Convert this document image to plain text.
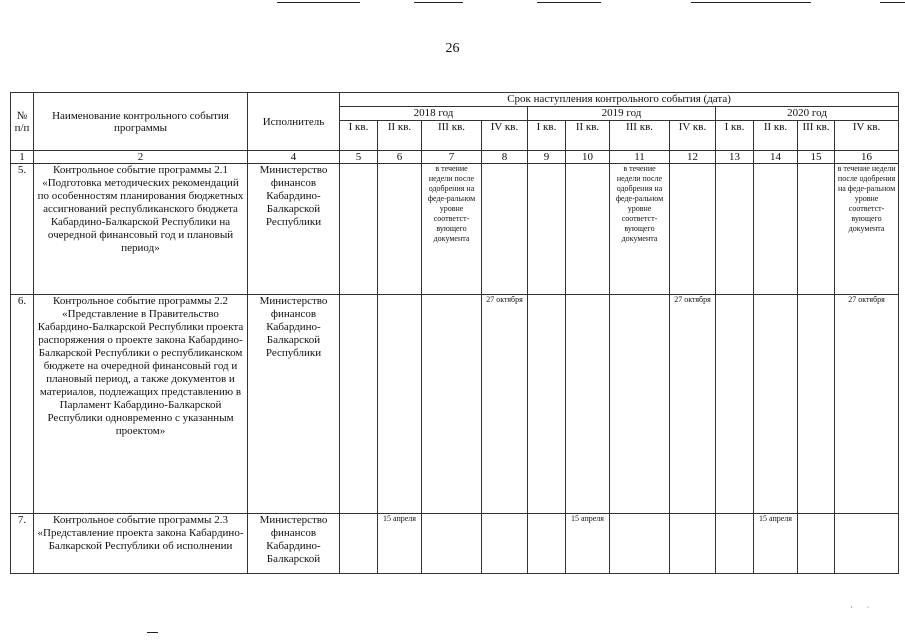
26
№
п/п	Наименование контрольного события программы	Исполнитель	Срок наступления контрольного события (дата)											
			2018 год				2019 год				2020 год			
			I кв.	II кв.	III кв.	IV кв.	I кв.	II кв.	III кв.	IV кв.	I кв.	II кв.	III кв.	IV кв.
1	2	4	5	6	7	8	9	10	11	12	13	14	15	16
5.	Контрольное событие программы 2.1 «Подготовка методических рекомендаций по особенностям планирования бюджетных ассигнований республиканского бюджета Кабардино-Балкарской Республики на очередной финансовый год и плановый период»	Министерство финансов Кабардино-Балкарской Республики			в течение недели после одобрения на феде-ральном уровне соответст-вующего документа				в течение недели после одобрения на феде-ральном уровне соответст-вующего документа					в течение недели после одобрения на феде-ральном уровне соответст-вующего документа
6.	Контрольное событие программы 2.2 «Представление в Правительство Кабардино-Балкарской Республики проекта распоряжения о проекте закона Кабардино-Балкарской Республики о республиканском бюджете на очередной финансовый год и плановый период, а также документов и материалов, подлежащих представлению в Парламент Кабардино-Балкарской Республики одновременно с указанным проектом»	Министерство финансов Кабардино-Балкарской Республики				27 октября				27 октября				27 октября
7.	Контрольное событие программы 2.3 «Представление проекта закона Кабардино-Балкарской Республики об исполнении	Министерство финансов Кабардино-Балкарской		15 апреля				15 апреля				15 апреля		
··
